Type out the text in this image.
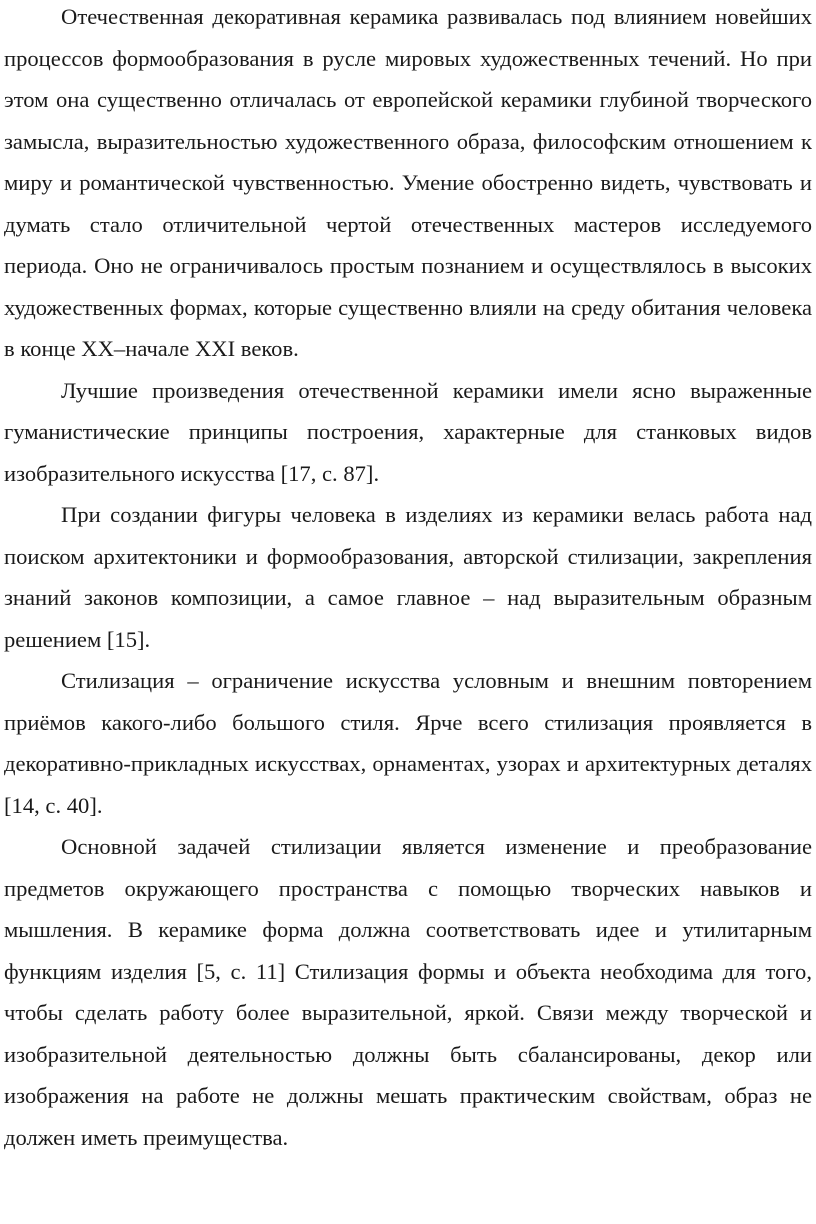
Отечественная декоративная керамика развивалась под влиянием новейших процессов формообразования в русле мировых художественных течений. Но при этом она существенно отличалась от европейской керамики глубиной творческого замысла, выразительностью художественного образа, философским отношением к миру и романтической чувственностью. Умение обостренно видеть, чувствовать и думать стало отличительной чертой отечественных мастеров исследуемого периода. Оно не ограничивалось простым познанием и осуществлялось в высоких художественных формах, которые существенно влияли на среду обитания человека в конце XX–начале XXI веков.

Лучшие произведения отечественной керамики имели ясно выраженные гуманистические принципы построения, характерные для станковых видов изобразительного искусства [17, с. 87].

При создании фигуры человека в изделиях из керамики велась работа над поиском архитектоники и формообразования, авторской стилизации, закрепления знаний законов композиции, а самое главное – над выразительным образным решением [15].

Стилизация – ограничение искусства условным и внешним повторением приёмов какого-либо большого стиля. Ярче всего стилизация проявляется в декоративно-прикладных искусствах, орнаментах, узорах и архитектурных деталях [14, с. 40].

Основной задачей стилизации является изменение и преобразование предметов окружающего пространства с помощью творческих навыков и мышления. В керамике форма должна соответствовать идее и утилитарным функциям изделия [5, с. 11] Стилизация формы и объекта необходима для того, чтобы сделать работу более выразительной, яркой. Связи между творческой и изобразительной деятельностью должны быть сбалансированы, декор или изображения на работе не должны мешать практическим свойствам, образ не должен иметь преимущества.
